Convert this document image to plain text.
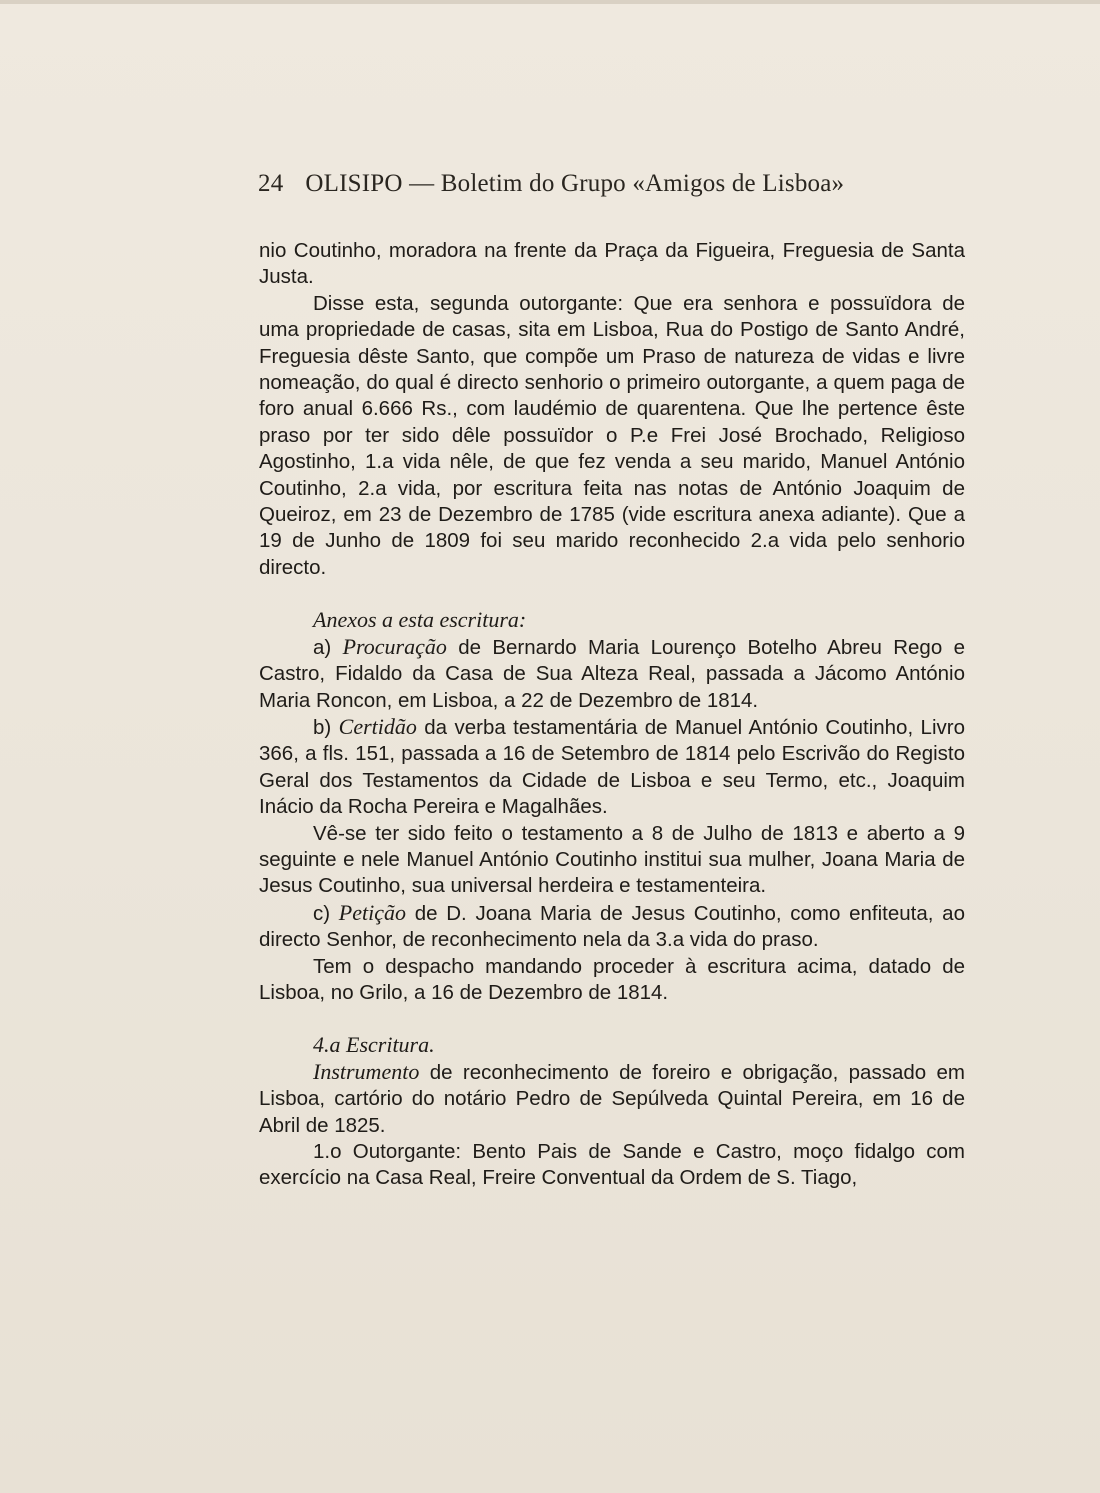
24 OLISIPO — Boletim do Grupo «Amigos de Lisboa»

nio Coutinho, moradora na frente da Praça da Figueira, Freguesia de Santa Justa.

Disse esta, segunda outorgante: Que era senhora e possuïdora de uma propriedade de casas, sita em Lisboa, Rua do Postigo de Santo André, Freguesia dêste Santo, que compõe um Praso de natureza de vidas e livre nomeação, do qual é directo senhorio o primeiro outorgante, a quem paga de foro anual 6.666 Rs., com laudémio de quarentena. Que lhe pertence êste praso por ter sido dêle possuïdor o P.e Frei José Brochado, Religioso Agostinho, 1.a vida nêle, de que fez venda a seu marido, Manuel António Coutinho, 2.a vida, por escritura feita nas notas de António Joaquim de Queiroz, em 23 de Dezembro de 1785 (vide escritura anexa adiante). Que a 19 de Junho de 1809 foi seu marido reconhecido 2.a vida pelo senhorio directo.

Anexos a esta escritura:

a) Procuração de Bernardo Maria Lourenço Botelho Abreu Rego e Castro, Fidaldo da Casa de Sua Alteza Real, passada a Jácomo António Maria Roncon, em Lisboa, a 22 de Dezembro de 1814.

b) Certidão da verba testamentária de Manuel António Coutinho, Livro 366, a fls. 151, passada a 16 de Setembro de 1814 pelo Escrivão do Registo Geral dos Testamentos da Cidade de Lisboa e seu Termo, etc., Joaquim Inácio da Rocha Pereira e Magalhães.

Vê-se ter sido feito o testamento a 8 de Julho de 1813 e aberto a 9 seguinte e nele Manuel António Coutinho institui sua mulher, Joana Maria de Jesus Coutinho, sua universal herdeira e testamenteira.

c) Petição de D. Joana Maria de Jesus Coutinho, como enfiteuta, ao directo Senhor, de reconhecimento nela da 3.a vida do praso.

Tem o despacho mandando proceder à escritura acima, datado de Lisboa, no Grilo, a 16 de Dezembro de 1814.

4.a Escritura.

Instrumento de reconhecimento de foreiro e obrigação, passado em Lisboa, cartório do notário Pedro de Sepúlveda Quintal Pereira, em 16 de Abril de 1825.

1.o Outorgante: Bento Pais de Sande e Castro, moço fidalgo com exercício na Casa Real, Freire Conventual da Ordem de S. Tiago,
